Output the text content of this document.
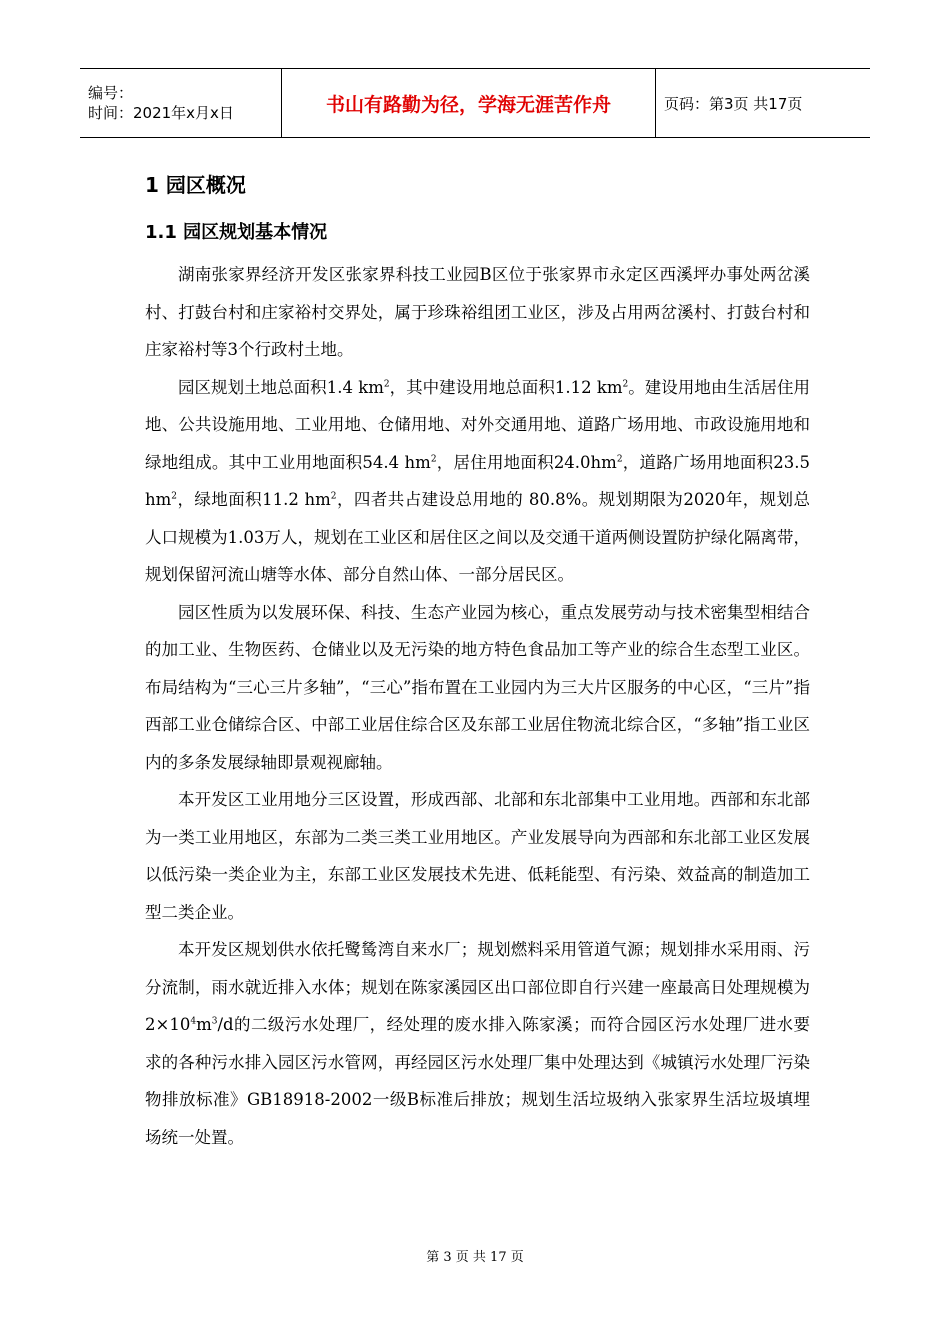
编号：
时间：2021年x月x日	书山有路勤为径，学海无涯苦作舟	页码：第3页 共17页
1 园区概况
1.1 园区规划基本情况

湖南张家界经济开发区张家界科技工业园B区位于张家界市永定区西溪坪办事处两岔溪村、打鼓台村和庄家裕村交界处，属于珍珠裕组团工业区，涉及占用两岔溪村、打鼓台村和庄家裕村等3个行政村土地。

园区规划土地总面积1.4 $km^2$，其中建设用地总面积1.12 $km^2$。建设用地由生活居住用地、公共设施用地、工业用地、仓储用地、对外交通用地、道路广场用地、市政设施用地和绿地组成。其中工业用地面积54.4 $hm^2$，居住用地面积$24.0hm^2$，道路广场用地面积23.5 $hm^2$，绿地面积11.2 $hm^2$，四者共占建设总用地的 80.8%。规划期限为2020年，规划总人口规模为1.03万人，规划在工业区和居住区之间以及交通干道两侧设置防护绿化隔离带，规划保留河流山塘等水体、部分自然山体、一部分居民区。

园区性质为以发展环保、科技、生态产业园为核心，重点发展劳动与技术密集型相结合的加工业、生物医药、仓储业以及无污染的地方特色食品加工等产业的综合生态型工业区。布局结构为“三心三片多轴”，“三心”指布置在工业园内为三大片区服务的中心区，“三片”指西部工业仓储综合区、中部工业居住综合区及东部工业居住物流北综合区，“多轴”指工业区内的多条发展绿轴即景观视廊轴。

本开发区工业用地分三区设置，形成西部、北部和东北部集中工业用地。西部和东北部为一类工业用地区，东部为二类三类工业用地区。产业发展导向为西部和东北部工业区发展以低污染一类企业为主，东部工业区发展技术先进、低耗能型、有污染、效益高的制造加工型二类企业。

本开发区规划供水依托鹭鸶湾自来水厂；规划燃料采用管道气源；规划排水采用雨、污分流制，雨水就近排入水体；规划在陈家溪园区出口部位即自行兴建一座最高日处理规模为$2\times 10^4m^3/d$的二级污水处理厂，经处理的废水排入陈家溪；而符合园区污水处理厂进水要求的各种污水排入园区污水管网，再经园区污水处理厂集中处理达到《城镇污水处理厂污染物排放标准》GB18918-2002一级B标准后排放；规划生活垃圾纳入张家界生活垃圾填埋场统一处置。

第 3 页 共 17 页
